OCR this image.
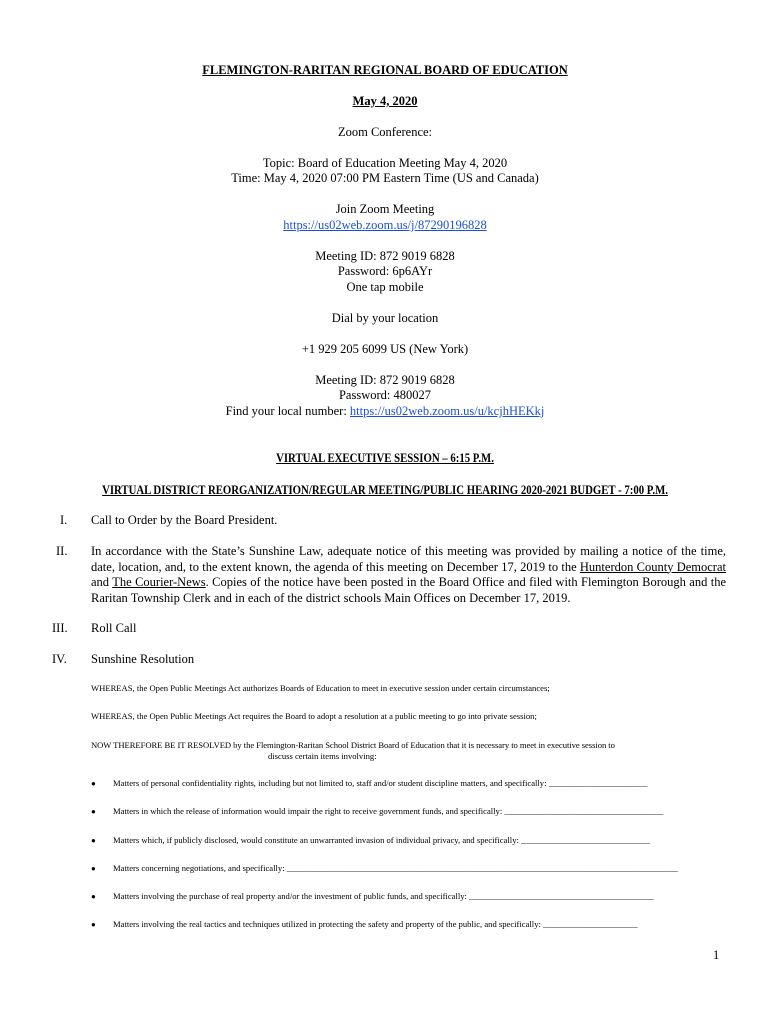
FLEMINGTON-RARITAN REGIONAL BOARD OF EDUCATION
May 4, 2020
Zoom Conference:
Topic: Board of Education Meeting May 4, 2020
Time: May 4, 2020 07:00 PM Eastern Time (US and Canada)
Join Zoom Meeting
https://us02web.zoom.us/j/87290196828
Meeting ID: 872 9019 6828
Password: 6p6AYr
One tap mobile
Dial by your location
+1 929 205 6099 US (New York)
Meeting ID: 872 9019 6828
Password: 480027
Find your local number: https://us02web.zoom.us/u/kcjhHEKkj
VIRTUAL EXECUTIVE SESSION – 6:15 P.M.
VIRTUAL DISTRICT REORGANIZATION/REGULAR MEETING/PUBLIC HEARING 2020-2021 BUDGET - 7:00 P.M.
I.	Call to Order by the Board President.
II.	In accordance with the State’s Sunshine Law, adequate notice of this meeting was provided by mailing a notice of the time, date, location, and, to the extent known, the agenda of this meeting on December 17, 2019 to the Hunterdon County Democrat and The Courier-News. Copies of the notice have been posted in the Board Office and filed with Flemington Borough and the Raritan Township Clerk and in each of the district schools Main Offices on December 17, 2019.
III.	Roll Call
IV.	Sunshine Resolution
WHEREAS, the Open Public Meetings Act authorizes Boards of Education to meet in executive session under certain circumstances;
WHEREAS, the Open Public Meetings Act requires the Board to adopt a resolution at a public meeting to go into private session;
NOW THEREFORE BE IT RESOLVED by the Flemington-Raritan School District Board of Education that it is necessary to meet in executive session to
discuss certain items involving:
● Matters of personal confidentiality rights, including but not limited to, staff and/or student discipline matters, and specifically: _______________________
● Matters in which the release of information would impair the right to receive government funds, and specifically: _____________________________________
● Matters which, if publicly disclosed, would constitute an unwarranted invasion of individual privacy, and specifically: ______________________________
● Matters concerning negotiations, and specifically: ___________________________________________________________________________________________
● Matters involving the purchase of real property and/or the investment of public funds, and specifically: ___________________________________________
● Matters involving the real tactics and techniques utilized in protecting the safety and property of the public, and specifically: ______________________
1
